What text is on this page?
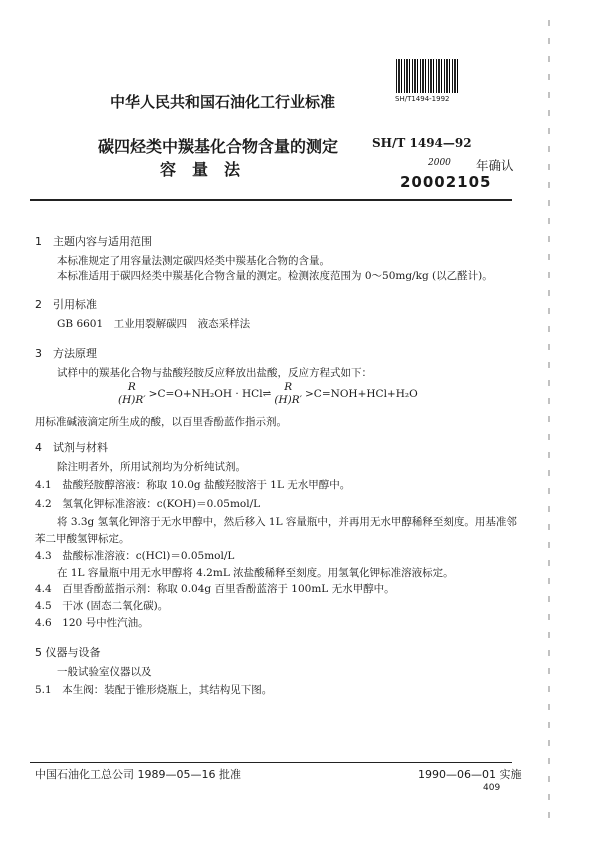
中华人民共和国石油化工行业标准	SH/T1494-1992
碳四烃类中羰基化合物含量的测定
容　量　法
SH/T 1494—92
2000 年确认
20002105
1　主题内容与适用范围
本标准规定了用容量法测定碳四烃类中羰基化合物的含量。
本标准适用于碳四烃类中羰基化合物含量的测定。检测浓度范围为 0～50mg/kg (以乙醛计)。
2　引用标准
GB 6601　工业用裂解碳四　液态采样法
3　方法原理
试样中的羰基化合物与盐酸羟胺反应释放出盐酸，反应方程式如下：
R
(H)R′ >C=O+NH₂OH · HCl⇌
R
(H)R′ >C=NOH+HCl+H₂O
用标准碱液滴定所生成的酸，以百里香酚蓝作指示剂。
4　试剂与材料
除注明者外，所用试剂均为分析纯试剂。
4.1　盐酸羟胺醇溶液：称取 10.0g 盐酸羟胺溶于 1L 无水甲醇中。
4.2　氢氧化钾标准溶液：c(KOH)＝0.05mol/L
将 3.3g 氢氧化钾溶于无水甲醇中，然后移入 1L 容量瓶中，并再用无水甲醇稀释至刻度。用基准邻
苯二甲酸氢钾标定。
4.3　盐酸标准溶液：c(HCl)＝0.05mol/L
在 1L 容量瓶中用无水甲醇将 4.2mL 浓盐酸稀释至刻度。用氢氧化钾标准溶液标定。
4.4　百里香酚蓝指示剂：称取 0.04g 百里香酚蓝溶于 100mL 无水甲醇中。
4.5　干冰 (固态二氧化碳)。
4.6　120 号中性汽油。
5 仪器与设备
一般试验室仪器以及
5.1　本生阀：装配于锥形烧瓶上，其结构见下图。
中国石油化工总公司 1989—05—16 批准	1990—06—01 实施
409
